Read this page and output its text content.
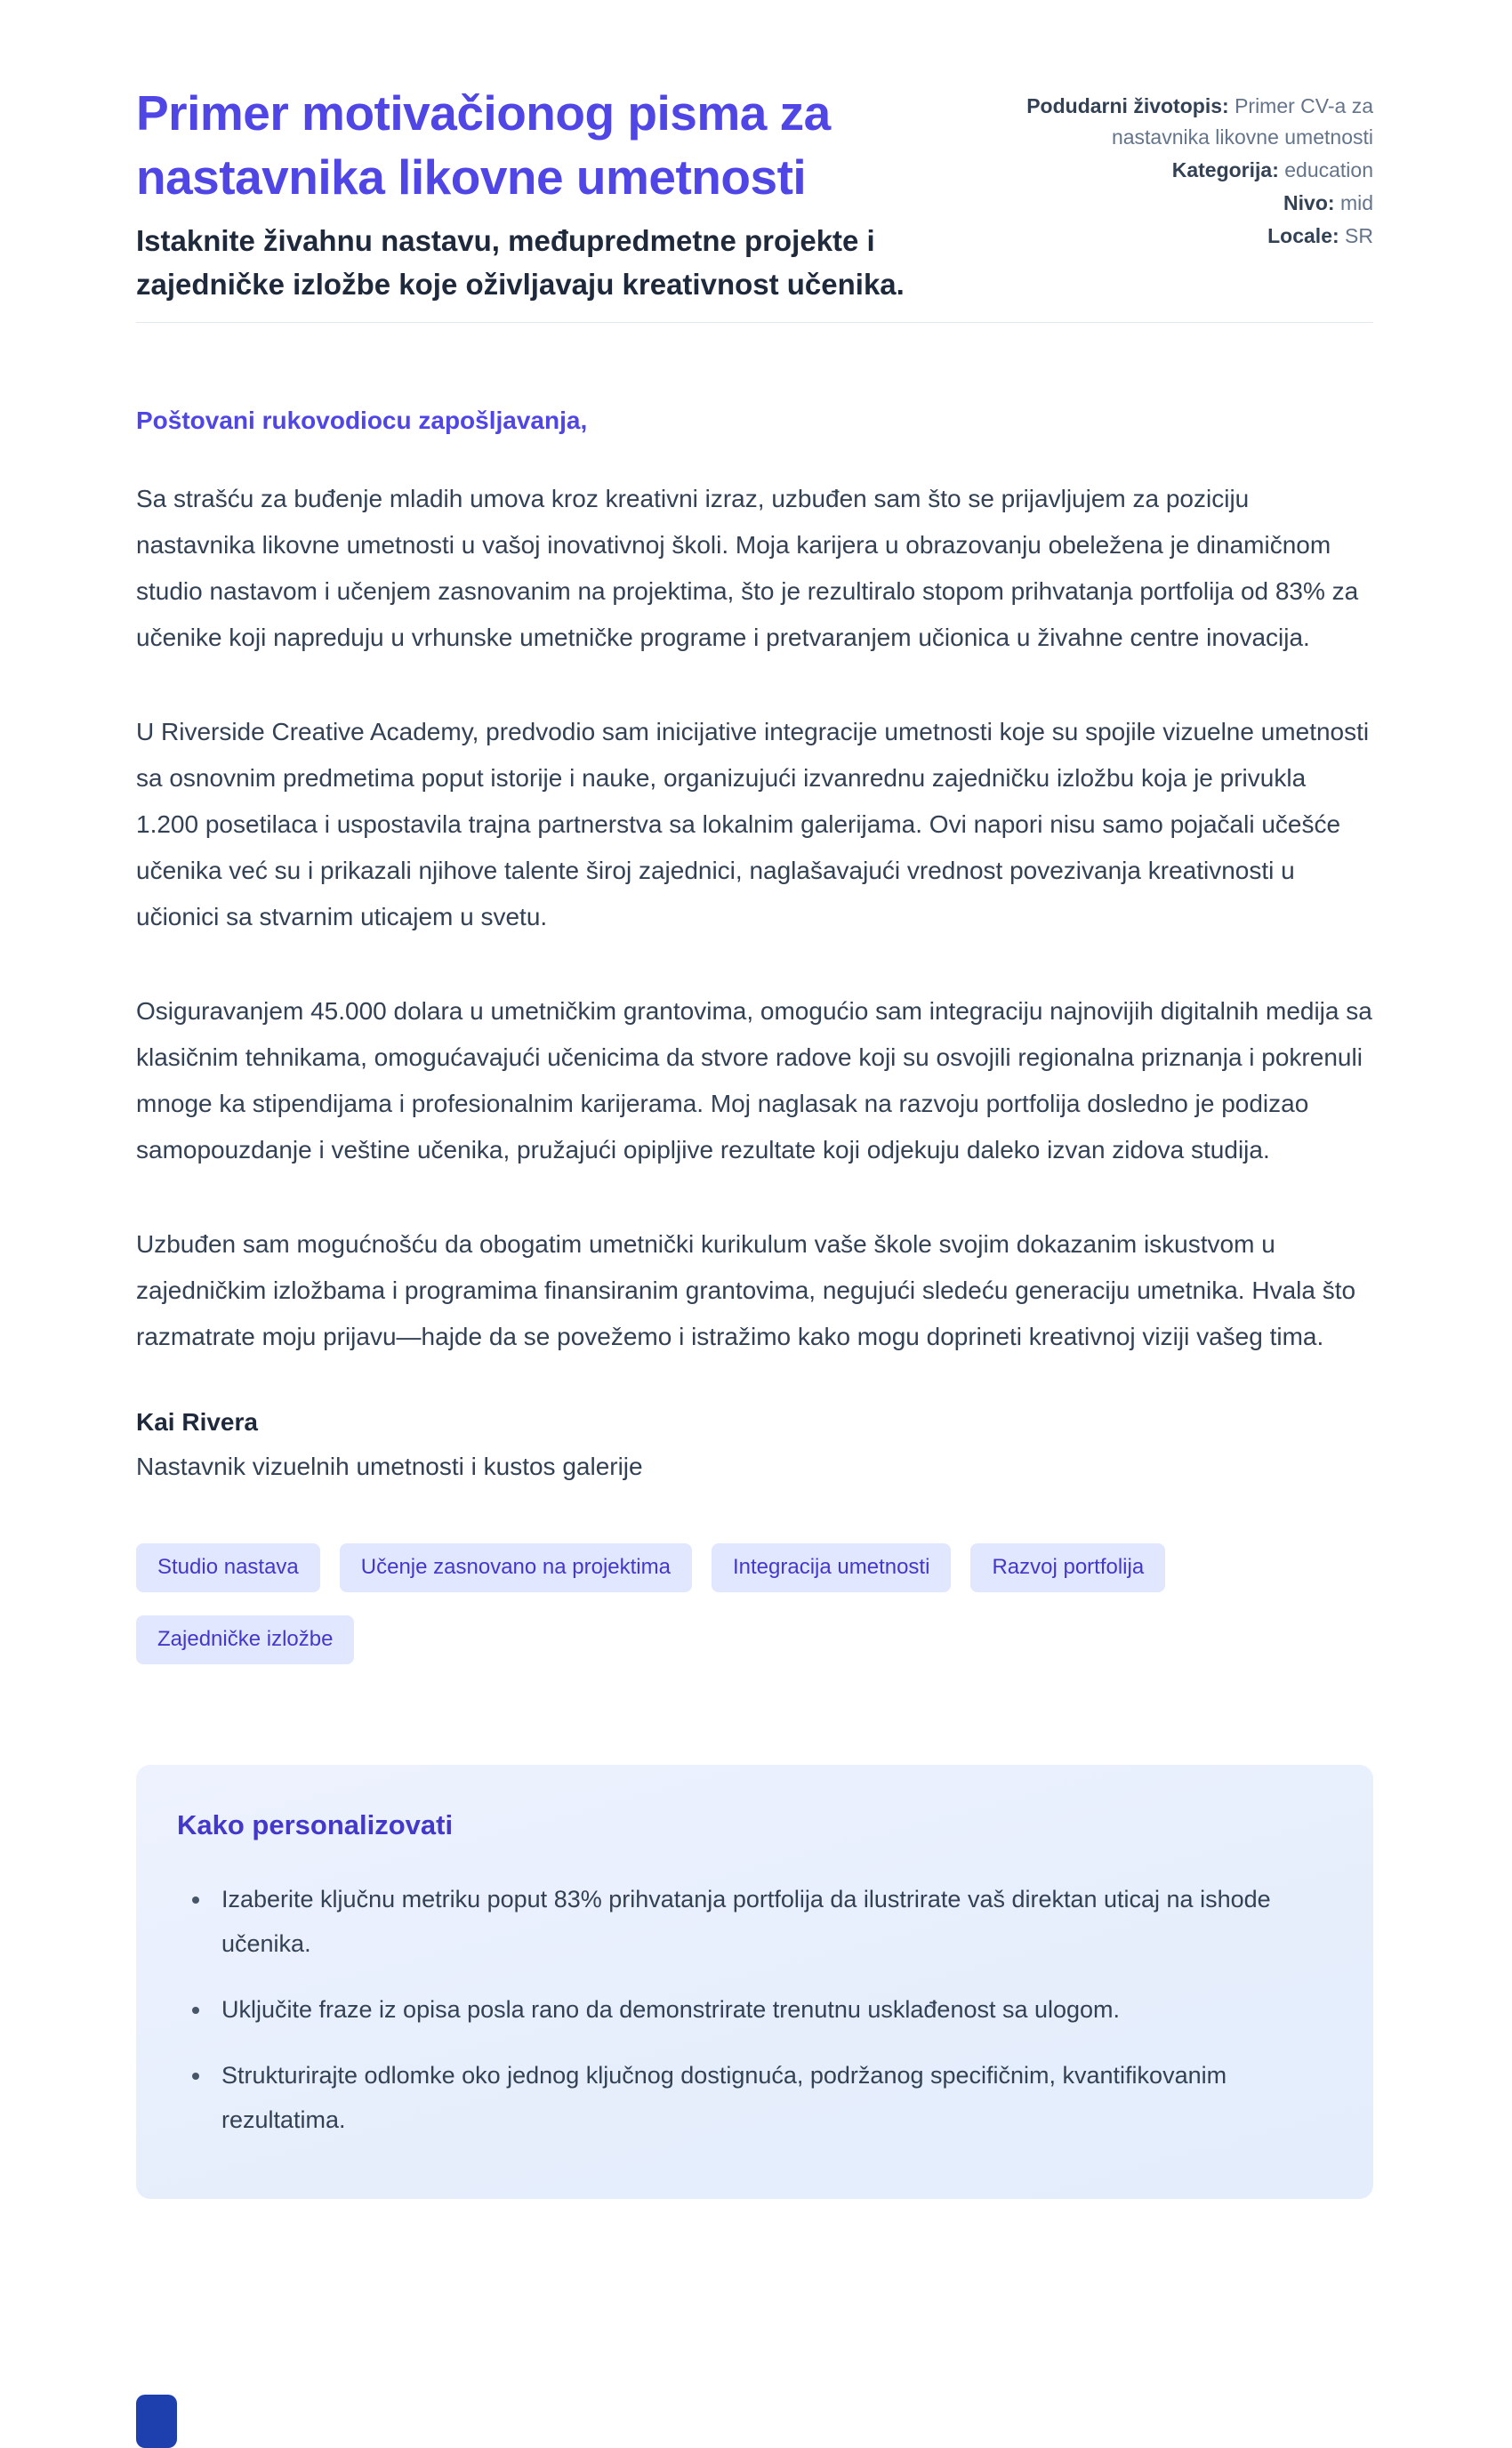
Primer motivačionog pisma za nastavnika likovne umetnosti

Istaknite živahnu nastavu, međupredmetne projekte i zajedničke izložbe koje oživljavaju kreativnost učenika.

Podudarni životopis: Primer CV-a za nastavnika likovne umetnosti
Kategorija: education
Nivo: mid
Locale: SR

Poštovani rukovodiocu zapošljavanja,

Sa strašću za buđenje mladih umova kroz kreativni izraz, uzbuđen sam što se prijavljujem za poziciju nastavnika likovne umetnosti u vašoj inovativnoj školi. Moja karijera u obrazovanju obeležena je dinamičnom studio nastavom i učenjem zasnovanim na projektima, što je rezultiralo stopom prihvatanja portfolija od 83% za učenike koji napreduju u vrhunske umetničke programe i pretvaranjem učionica u živahne centre inovacija.

U Riverside Creative Academy, predvodio sam inicijative integracije umetnosti koje su spojile vizuelne umetnosti sa osnovnim predmetima poput istorije i nauke, organizujući izvanrednu zajedničku izložbu koja je privukla 1.200 posetilaca i uspostavila trajna partnerstva sa lokalnim galerijama. Ovi napori nisu samo pojačali učešće učenika već su i prikazali njihove talente široj zajednici, naglašavajući vrednost povezivanja kreativnosti u učionici sa stvarnim uticajem u svetu.

Osiguravanjem 45.000 dolara u umetničkim grantovima, omogućio sam integraciju najnovijih digitalnih medija sa klasičnim tehnikama, omogućavajući učenicima da stvore radove koji su osvojili regionalna priznanja i pokrenuli mnoge ka stipendijama i profesionalnim karijerama. Moj naglasak na razvoju portfolija dosledno je podizao samopouzdanje i veštine učenika, pružajući opipljive rezultate koji odjekuju daleko izvan zidova studija.

Uzbuđen sam mogućnošću da obogatim umetnički kurikulum vaše škole svojim dokazanim iskustvom u zajedničkim izložbama i programima finansiranim grantovima, negujući sledeću generaciju umetnika. Hvala što razmatrate moju prijavu—hajde da se povežemo i istražimo kako mogu doprineti kreativnoj viziji vašeg tima.

Kai Rivera

Nastavnik vizuelnih umetnosti i kustos galerije

Studio nastava	Učenje zasnovano na projektima	Integracija umetnosti	Razvoj portfolija
Zajedničke izložbe
Kako personalizovati
• Izaberite ključnu metriku poput 83% prihvatanja portfolija da ilustrirate vaš direktan uticaj na ishode učenika.
• Uključite fraze iz opisa posla rano da demonstrirate trenutnu usklađenost sa ulogom.
• Strukturirajte odlomke oko jednog ključnog dostignuća, podržanog specifičnim, kvantifikovanim rezultatima.
